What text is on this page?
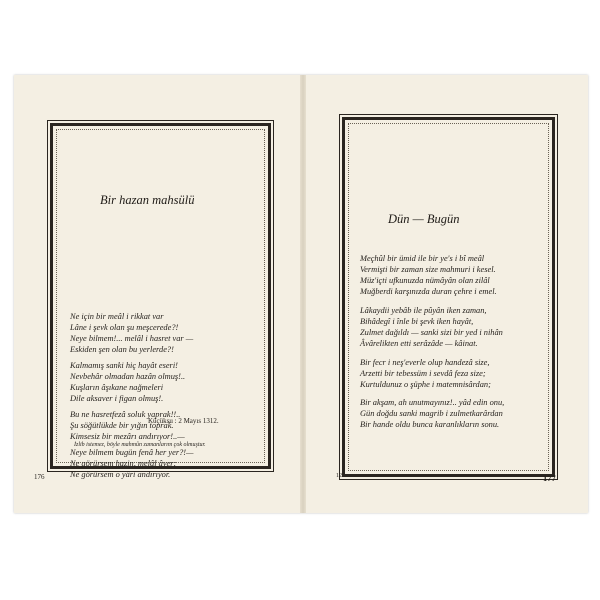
Bir hazan mahsülü
Ne için bir meâl i rikkat var
Lâne i şevk olan şu meşcerede?!
Neye bilmem!... melâl i hasret var —
Eskiden şen olan bu yerlerde?!
Kalmamış sanki hiç hayât eseri!
Nevbehâr olmadan hazân olmuş!..
Kuşların âşıkane nağmeleri
Dile aksaver i figan olmuş!.
Bu ne hasretfezâ soluk yaprak!!..
Şu söğütlükde bir yığın toprak.
Kimsesiz bir mezârı andırıyor!..—
Neye bilmem bugün fenâ her yer?!—
Ne görürsem hazin, melâl âver;
Ne görürsem o yâri andırıyor.
Küçüksu : 2 Mayıs 1312.
İzlib istemez, böyle mahmûn zamanlarım çok olmuştur.
176
Dün — Bugün
Meçhûl bir ümid ile bir ye's i bî meâl
Vermişti bir zaman size mahmuri i kesel.
Müz'içti ufkunuzda nümâyân olan zilâl
Muğberdi karşınızda duran çehre i emel.
Lâkaydii yebâb ile pûyân iken zaman,
Bihâdegî i înle bi şevk iken hayât,
Zulmet dağıldı — sanki sizi bir yed i nihân
Âvârelikten etti serâzâde — kâinat.
Bir fecr i neş'everle olup handezâ size,
Arzetti bir tebessüm i sevdâ feza size;
Kurtuldunuz o şüphe i matemnisârdan;
Bir akşam, ah unutmayınız!.. yâd edin onu,
Gün doğdu sanki magrib i zulmetkarârdan
Bir hande oldu bunca karanlıkların sonu.
12	177
